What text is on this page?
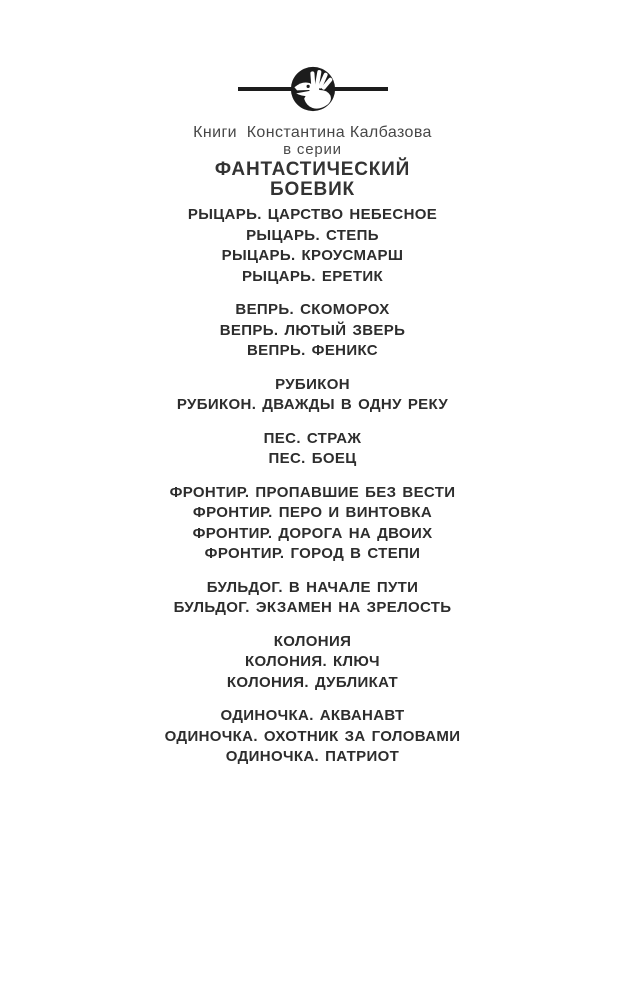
Книги  Константина Калбазова
в серии
ФАНТАСТИЧЕСКИЙ
БОЕВИК
РЫЦАРЬ. ЦАРСТВО НЕБЕСНОЕ
РЫЦАРЬ. СТЕПЬ
РЫЦАРЬ. КРОУСМАРШ
РЫЦАРЬ. ЕРЕТИК
ВЕПРЬ. СКОМОРОХ
ВЕПРЬ. ЛЮТЫЙ ЗВЕРЬ
ВЕПРЬ. ФЕНИКС
РУБИКОН
РУБИКОН. ДВАЖДЫ В ОДНУ РЕКУ
ПЕС. СТРАЖ
ПЕС. БОЕЦ
ФРОНТИР. ПРОПАВШИЕ БЕЗ ВЕСТИ
ФРОНТИР. ПЕРО И ВИНТОВКА
ФРОНТИР. ДОРОГА НА ДВОИХ
ФРОНТИР. ГОРОД В СТЕПИ
БУЛЬДОГ. В НАЧАЛЕ ПУТИ
БУЛЬДОГ. ЭКЗАМЕН НА ЗРЕЛОСТЬ
КОЛОНИЯ
КОЛОНИЯ. КЛЮЧ
КОЛОНИЯ. ДУБЛИКАТ
ОДИНОЧКА. АКВАНАВТ
ОДИНОЧКА. ОХОТНИК ЗА ГОЛОВАМИ
ОДИНОЧКА. ПАТРИОТ
